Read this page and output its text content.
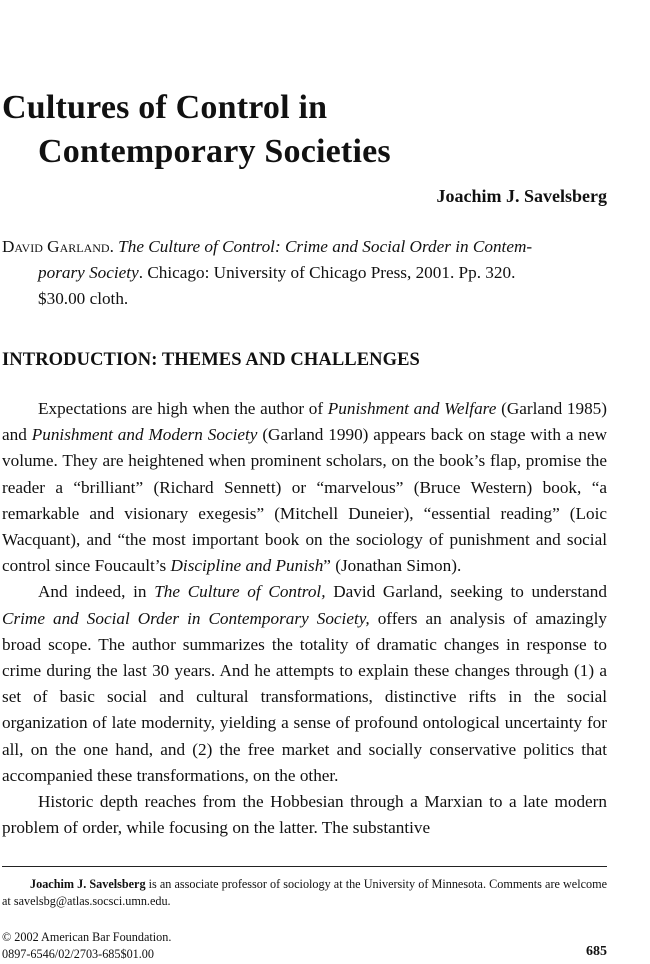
Cultures of Control in
Contemporary Societies
Joachim J. Savelsberg
David Garland. The Culture of Control: Crime and Social Order in Contem-
porary Society. Chicago: University of Chicago Press, 2001. Pp. 320.
$30.00 cloth.
INTRODUCTION: THEMES AND CHALLENGES

Expectations are high when the author of Punishment and Welfare (Garland 1985) and Punishment and Modern Society (Garland 1990) appears back on stage with a new volume. They are heightened when prominent scholars, on the book’s flap, promise the reader a “brilliant” (Richard Sennett) or “marvelous” (Bruce Western) book, “a remarkable and visionary exegesis” (Mitchell Duneier), “essential reading” (Loic Wacquant), and “the most important book on the sociology of punishment and social control since Foucault’s Discipline and Punish” (Jonathan Simon).

And indeed, in The Culture of Control, David Garland, seeking to understand Crime and Social Order in Contemporary Society, offers an analysis of amazingly broad scope. The author summarizes the totality of dramatic changes in response to crime during the last 30 years. And he attempts to explain these changes through (1) a set of basic social and cultural transformations, distinctive rifts in the social organization of late modernity, yielding a sense of profound ontological uncertainty for all, on the one hand, and (2) the free market and socially conservative politics that accompanied these transformations, on the other.

Historic depth reaches from the Hobbesian through a Marxian to a late modern problem of order, while focusing on the latter. The substantive

Joachim J. Savelsberg is an associate professor of sociology at the University of Minnesota. Comments are welcome at savelsbg@atlas.socsci.umn.edu.
© 2002 American Bar Foundation.
0897-6546/02/2703-685$01.00	685
